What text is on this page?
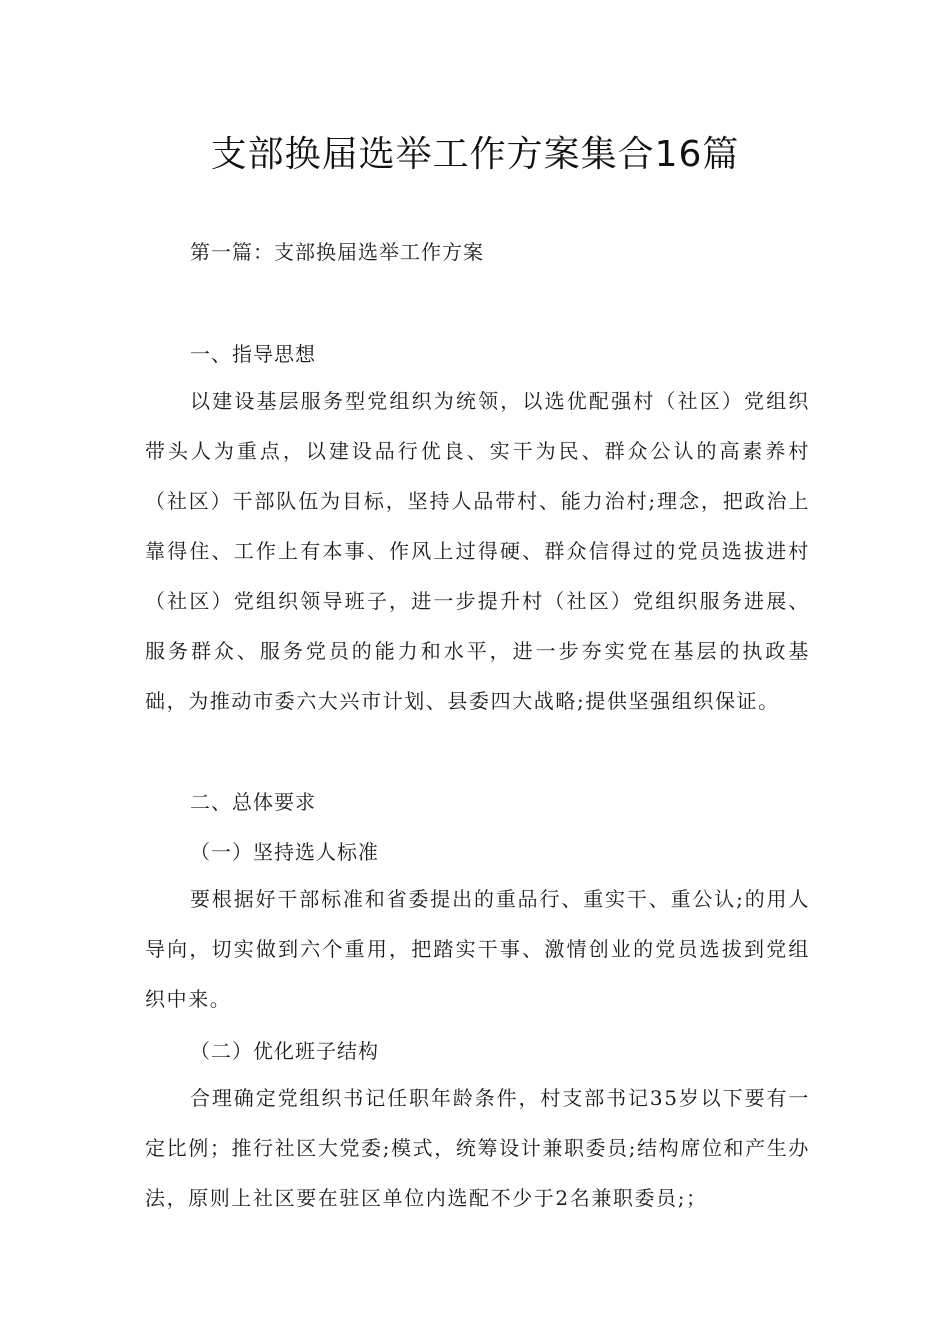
支部换届选举工作方案集合16篇
第一篇：支部换届选举工作方案
一、指导思想
以建设基层服务型党组织为统领，以选优配强村（社区）党组织带头人为重点，以建设品行优良、实干为民、群众公认的高素养村（社区）干部队伍为目标，坚持人品带村、能力治村;理念，把政治上靠得住、工作上有本事、作风上过得硬、群众信得过的党员选拔进村（社区）党组织领导班子，进一步提升村（社区）党组织服务进展、服务群众、服务党员的能力和水平，进一步夯实党在基层的执政基础，为推动市委六大兴市计划、县委四大战略;提供坚强组织保证。
二、总体要求
（一）坚持选人标准
要根据好干部标准和省委提出的重品行、重实干、重公认;的用人导向，切实做到六个重用，把踏实干事、激情创业的党员选拔到党组织中来。
（二）优化班子结构
合理确定党组织书记任职年龄条件，村支部书记35岁以下要有一定比例；推行社区大党委;模式，统筹设计兼职委员;结构席位和产生办法，原则上社区要在驻区单位内选配不少于2名兼职委员;；
